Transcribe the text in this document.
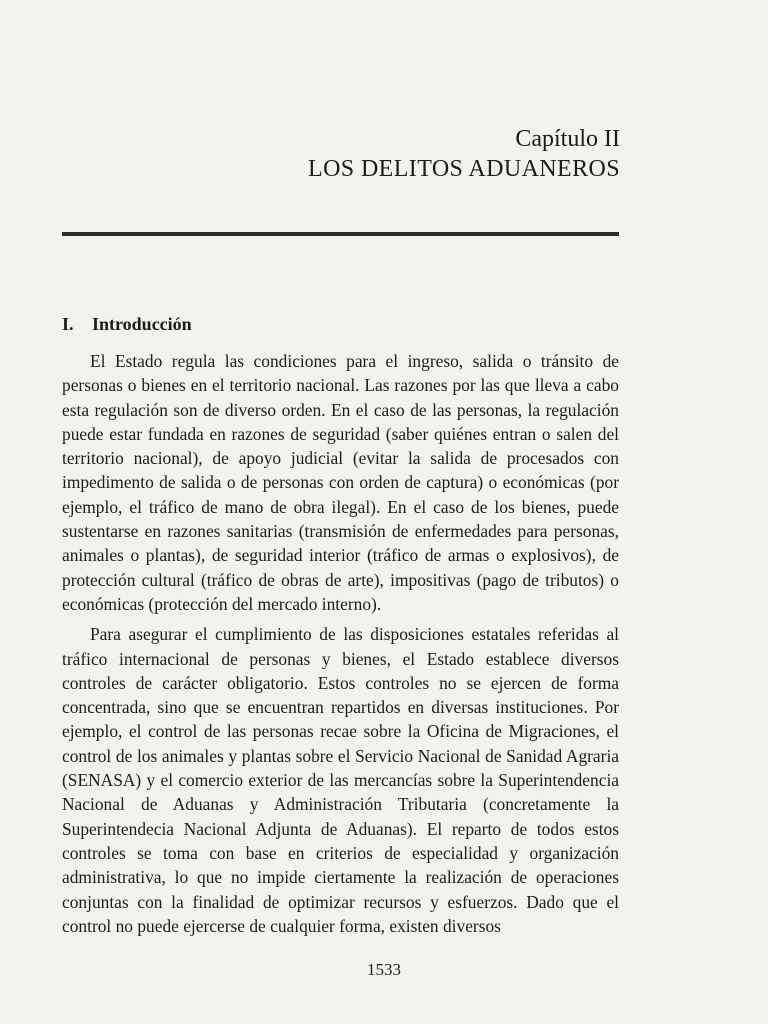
Capítulo II
LOS DELITOS ADUANEROS
I. Introducción

El Estado regula las condiciones para el ingreso, salida o tránsito de personas o bienes en el territorio nacional. Las razones por las que lleva a cabo esta regulación son de diverso orden. En el caso de las personas, la regulación puede estar fundada en razones de seguridad (saber quiénes entran o salen del territorio nacional), de apoyo judicial (evitar la salida de procesados con impedimento de salida o de personas con orden de captura) o económicas (por ejemplo, el tráfico de mano de obra ilegal). En el caso de los bienes, puede sustentarse en razones sanitarias (transmisión de enfermedades para personas, animales o plantas), de seguridad interior (tráfico de armas o explosivos), de protección cultural (tráfico de obras de arte), impositivas (pago de tributos) o económicas (protección del mercado interno).

Para asegurar el cumplimiento de las disposiciones estatales referidas al tráfico internacional de personas y bienes, el Estado establece diversos controles de carácter obligatorio. Estos controles no se ejercen de forma concentrada, sino que se encuentran repartidos en diversas instituciones. Por ejemplo, el control de las personas recae sobre la Oficina de Migraciones, el control de los animales y plantas sobre el Servicio Nacional de Sanidad Agraria (SENASA) y el comercio exterior de las mercancías sobre la Superintendencia Nacional de Aduanas y Administración Tributaria (concretamente la Superintendecia Nacional Adjunta de Aduanas). El reparto de todos estos controles se toma con base en criterios de especialidad y organización administrativa, lo que no impide ciertamente la realización de operaciones conjuntas con la finalidad de optimizar recursos y esfuerzos. Dado que el control no puede ejercerse de cualquier forma, existen diversos

1533
